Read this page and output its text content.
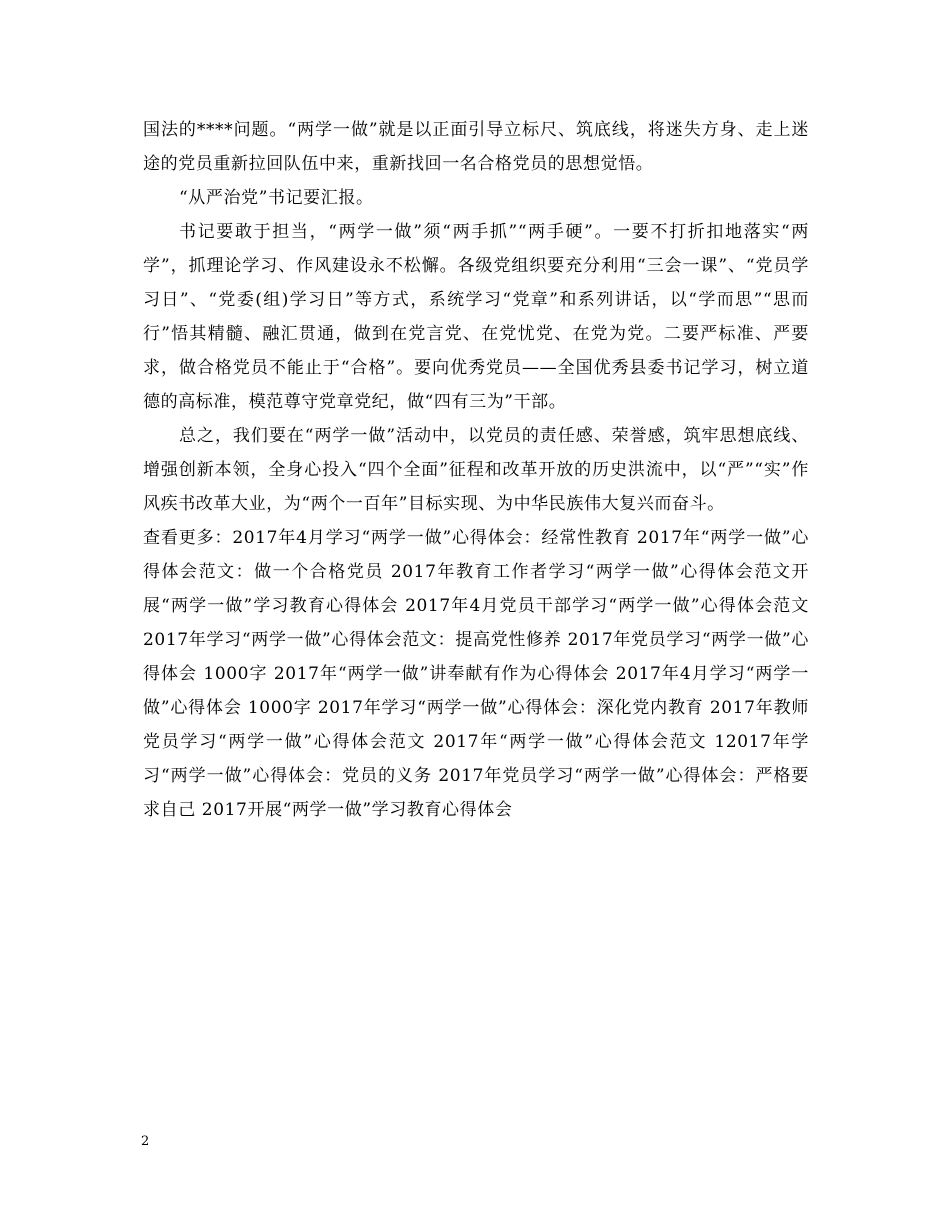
国法的****问题。“两学一做”就是以正面引导立标尺、筑底线，将迷失方身、走上迷途的党员重新拉回队伍中来，重新找回一名合格党员的思想觉悟。

“从严治党”书记要汇报。

书记要敢于担当，“两学一做”须“两手抓”“两手硬”。一要不打折扣地落实“两学”，抓理论学习、作风建设永不松懈。各级党组织要充分利用“三会一课”、“党员学习日”、“党委(组)学习日”等方式，系统学习“党章”和系列讲话，以“学而思”“思而行”悟其精髓、融汇贯通，做到在党言党、在党忧党、在党为党。二要严标准、严要求，做合格党员不能止于“合格”。要向优秀党员——全国优秀县委书记学习，树立道德的高标准，模范尊守党章党纪，做“四有三为”干部。

总之，我们要在“两学一做”活动中，以党员的责任感、荣誉感，筑牢思想底线、增强创新本领，全身心投入“四个全面”征程和改革开放的历史洪流中，以“严”“实”作风疾书改革大业，为“两个一百年”目标实现、为中华民族伟大复兴而奋斗。

查看更多：2017年4月学习“两学一做”心得体会：经常性教育 2017年“两学一做”心得体会范文：做一个合格党员 2017年教育工作者学习“两学一做”心得体会范文开展“两学一做”学习教育心得体会 2017年4月党员干部学习“两学一做”心得体会范文 2017年学习“两学一做”心得体会范文：提高党性修养 2017年党员学习“两学一做”心得体会 1000字 2017年“两学一做”讲奉献有作为心得体会 2017年4月学习“两学一做”心得体会 1000字 2017年学习“两学一做”心得体会：深化党内教育 2017年教师党员学习“两学一做”心得体会范文 2017年“两学一做”心得体会范文 12017年学习“两学一做”心得体会：党员的义务 2017年党员学习“两学一做”心得体会：严格要求自己 2017开展“两学一做”学习教育心得体会

2
